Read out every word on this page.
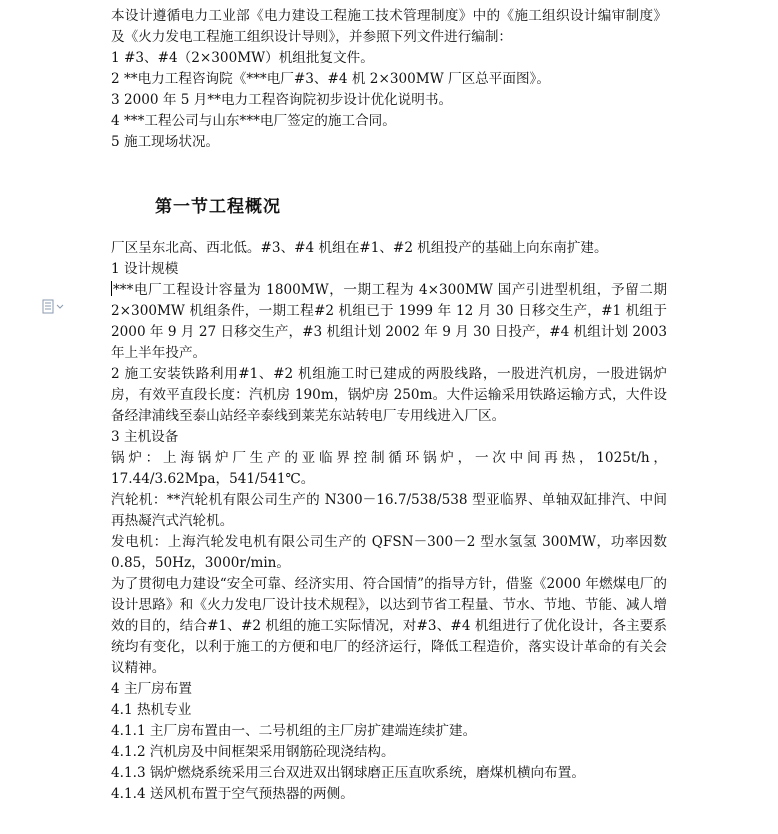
本设计遵循电力工业部《电力建设工程施工技术管理制度》中的《施工组织设计编审制度》及《火力发电工程施工组织设计导则》，并参照下列文件进行编制：

1 #3、#4（2×300MW）机组批复文件。

2 **电力工程咨询院《***电厂#3、#4 机 2×300MW 厂区总平面图》。

3 2000 年 5 月**电力工程咨询院初步设计优化说明书。

4 ***工程公司与山东***电厂签定的施工合同。

5 施工现场状况。

第一节工程概况

厂区呈东北高、西北低。#3、#4 机组在#1、#2 机组投产的基础上向东南扩建。

1 设计规模

***电厂工程设计容量为 1800MW，一期工程为 4×300MW 国产引进型机组，予留二期 2×300MW 机组条件，一期工程#2 机组已于 1999 年 12 月 30 日移交生产，#1 机组于 2000 年 9 月 27 日移交生产，#3 机组计划 2002 年 9 月 30 日投产，#4 机组计划 2003 年上半年投产。

2 施工安装铁路利用#1、#2 机组施工时已建成的两股线路，一股进汽机房，一股进锅炉房，有效平直段长度：汽机房 190m，锅炉房 250m。大件运输采用铁路运输方式，大件设备经津浦线至泰山站经辛泰线到莱芜东站转电厂专用线进入厂区。

3 主机设备

锅炉：上海锅炉厂生产的亚临界控制循环锅炉，一次中间再热，1025t/h，17.44/3.62Mpa，541/541℃。

汽轮机：**汽轮机有限公司生产的 N300－16.7/538/538 型亚临界、单轴双缸排汽、中间再热凝汽式汽轮机。

发电机：上海汽轮发电机有限公司生产的 QFSN－300－2 型水氢氢 300MW，功率因数 0.85，50Hz，3000r/min。

为了贯彻电力建设“安全可靠、经济实用、符合国情”的指导方针，借鉴《2000 年燃煤电厂的设计思路》和《火力发电厂设计技术规程》，以达到节省工程量、节水、节地、节能、减人增效的目的，结合#1、#2 机组的施工实际情况，对#3、#4 机组进行了优化设计，各主要系统均有变化，以利于施工的方便和电厂的经济运行，降低工程造价，落实设计革命的有关会议精神。

4 主厂房布置

4.1 热机专业

4.1.1 主厂房布置由一、二号机组的主厂房扩建端连续扩建。

4.1.2 汽机房及中间框架采用钢筋砼现浇结构。

4.1.3 锅炉燃烧系统采用三台双进双出钢球磨正压直吹系统，磨煤机横向布置。

4.1.4 送风机布置于空气预热器的两侧。
